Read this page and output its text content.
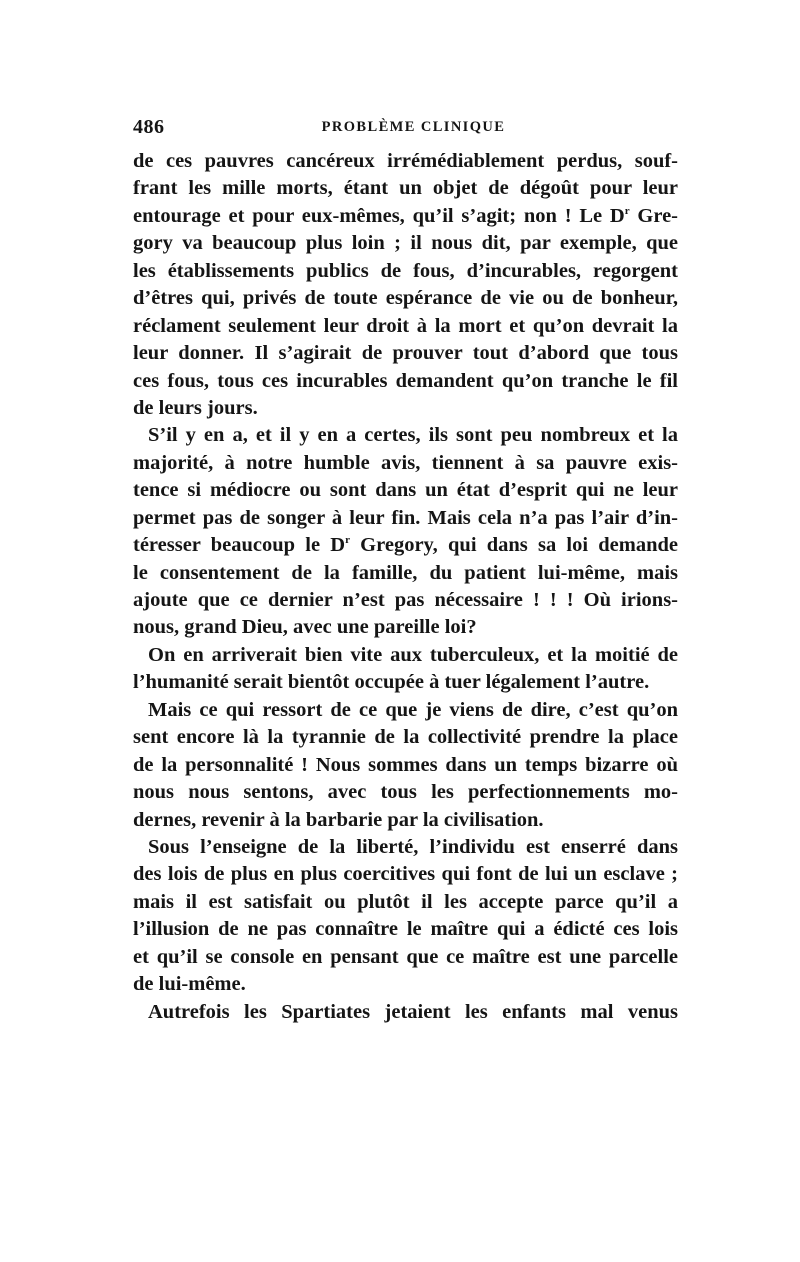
486	PROBLÈME CLINIQUE
de ces pauvres cancéreux irrémédiablement perdus, souf-
frant les mille morts, étant un objet de dégoût pour leur
entourage et pour eux-mêmes, qu’il s’agit; non ! Le $D^r$ Gre-
gory va beaucoup plus loin ; il nous dit, par exemple, que
les établissements publics de fous, d’incurables, regorgent
d’êtres qui, privés de toute espérance de vie ou de bonheur,
réclament seulement leur droit à la mort et qu’on devrait la
leur donner. Il s’agirait de prouver tout d’abord que tous
ces fous, tous ces incurables demandent qu’on tranche le fil
de leurs jours.
S’il y en a, et il y en a certes, ils sont peu nombreux et la
majorité, à notre humble avis, tiennent à sa pauvre exis-
tence si médiocre ou sont dans un état d’esprit qui ne leur
permet pas de songer à leur fin. Mais cela n’a pas l’air d’in-
téresser beaucoup le $D^r$ Gregory, qui dans sa loi demande
le consentement de la famille, du patient lui-même, mais
ajoute que ce dernier n’est pas nécessaire ! ! ! Où irions-
nous, grand Dieu, avec une pareille loi?
On en arriverait bien vite aux tuberculeux, et la moitié de
l’humanité serait bientôt occupée à tuer légalement l’autre.
Mais ce qui ressort de ce que je viens de dire, c’est qu’on
sent encore là la tyrannie de la collectivité prendre la place
de la personnalité ! Nous sommes dans un temps bizarre où
nous nous sentons, avec tous les perfectionnements mo-
dernes, revenir à la barbarie par la civilisation.
Sous l’enseigne de la liberté, l’individu est enserré dans
des lois de plus en plus coercitives qui font de lui un esclave ;
mais il est satisfait ou plutôt il les accepte parce qu’il a
l’illusion de ne pas connaître le maître qui a édicté ces lois
et qu’il se console en pensant que ce maître est une parcelle
de lui-même.
Autrefois les Spartiates jetaient les enfants mal venus
